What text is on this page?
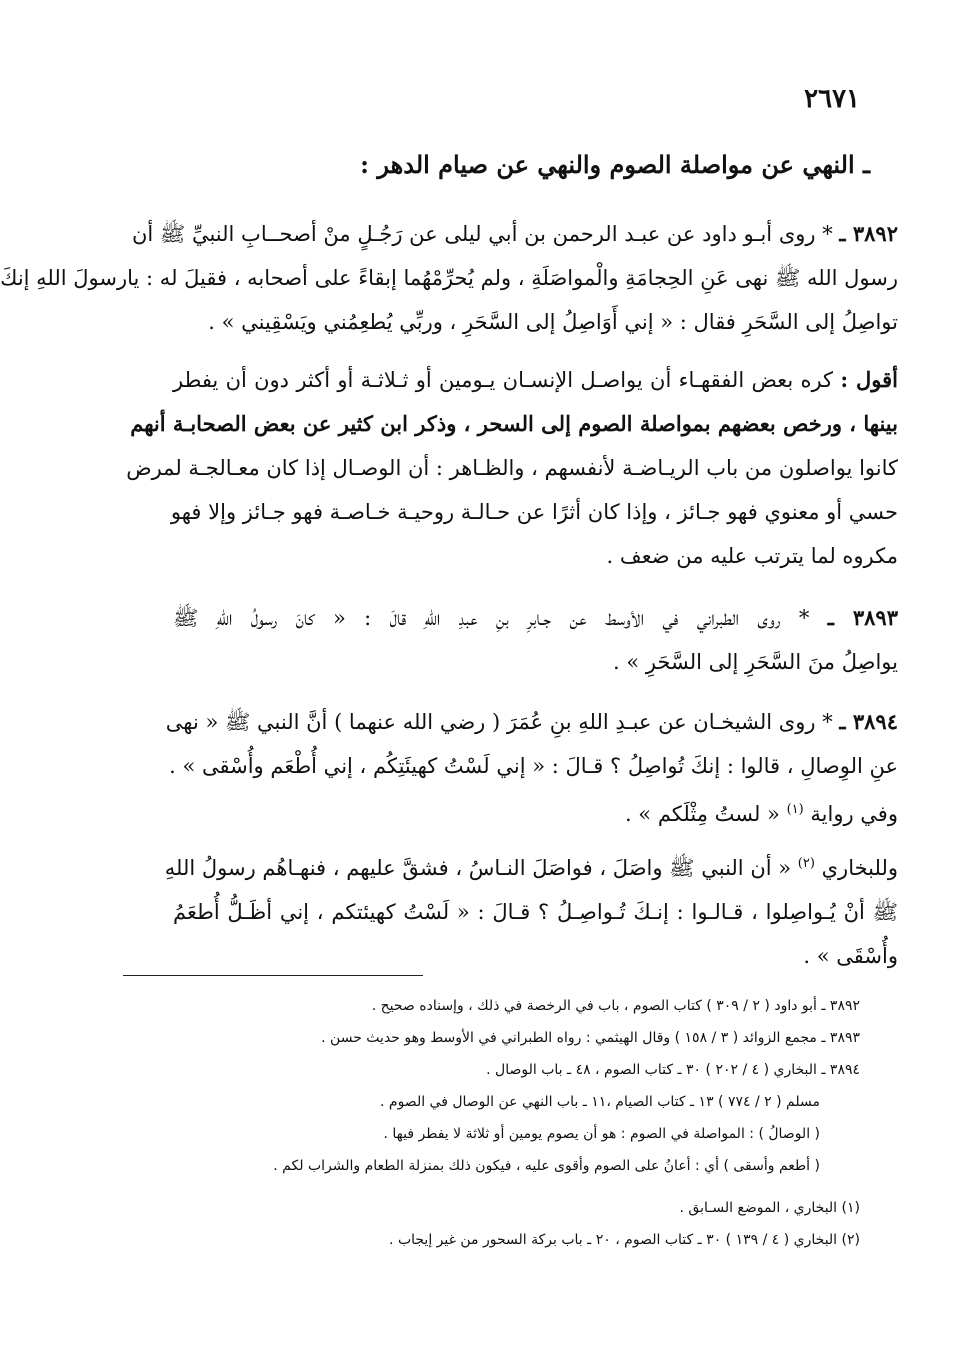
٢٦٧١
ـ النهي عن مواصلة الصوم والنهي عن صيام الدهر :
٣٨٩٢ ـ * روى أبـو داود عن عبـد الرحمن بن أبي ليلى عن رَجُـلٍ منْ أصحــابِ النبيِّ ﷺ أن
رسول الله ﷺ نهى عَنِ الحِجامَةِ والْمواصَلَةِ ، ولم يُحرِّمْهُما إبقاءً على أصحابه ، فقيلَ له : يارسولَ اللهِ إنكَ
تواصِلُ إلى السَّحَرِ فقال : « إني أَوَاصِلُ إلى السَّحَرِ ، وربِّي يُطعِمُني ويَسْقِيني » .
أقول : كره بعض الفقهـاء أن يواصـل الإنسـان يـومين أو ثـلاثـة أو أكثر دون أن يفطر
بينها ، ورخص بعضهم بمواصلة الصوم إلى السحر ، وذكر ابن كثير عن بعض الصحابـة أنهم
كانوا يواصلون من باب الريـاضـة لأنفسهم ، والظـاهر : أن الوصـال إذا كان معـالجـة لمرض
حسي أو معنوي فهو جـائز ، وإذا كان أثرًا عن حـالـة روحيـة خـاصـة فهو جـائز وإلا فهو
مكروه لما يترتب عليه من ضعف .
٣٨٩٣ ـ * روى الطبراني في الأوسط عن جـابرِ بنِ عبدِ اللهِ قالَ : « كانَ رسولُ اللهِ ﷺ
يواصِلُ منَ السَّحَرِ إلى السَّحَرِ » .
٣٨٩٤ ـ * روى الشيخـان عن عبـدِ اللهِ بنِ عُمَرَ ( رضي الله عنهما ) أنَّ النبي ﷺ « نهى
عنِ الوِصالِ ، قالوا : إنكَ تُواصِلُ ؟ قـالَ : « إني لَسْتُ كهيئَتِكُم ، إني أُطْعَم وأُسْقى » .
وفي رواية $^{(١)}$ « لستُ مِثْلَكم » .
وللبخاري $^{(٢)}$ « أن النبي ﷺ واصَلَ ، فواصَلَ النـاسُ ، فشقَّ عليهم ، فنهـاهُم رسولُ اللهِ
ﷺ أنْ يُـواصِلوا ، قـالـوا : إنـكَ تُـواصِـلُ ؟ قـالَ : « لَسْتُ كهيئتكم ، إني أظَـلُّ أُطعَمُ
وأُسْقَى » .
٣٨٩٢ ـ أبو داود ( ٢ / ٣٠٩ ) كتاب الصوم ، باب في الرخصة في ذلك ، وإسناده صحيح .
٣٨٩٣ ـ مجمع الزوائد ( ٣ / ١٥٨ ) وقال الهيثمي : رواه الطبراني في الأوسط وهو حديث حسن .
٣٨٩٤ ـ البخاري ( ٤ / ٢٠٢ ) ٣٠ ـ كتاب الصوم ، ٤٨ ـ باب الوصال .
مسلم ( ٢ / ٧٧٤ ) ١٣ ـ كتاب الصيام ،١١ ـ باب النهي عن الوصال في الصوم .
( الوصالُ ) : المواصلة في الصوم : هو أن يصوم يومين أو ثلاثة لا يفطر فيها .
( أطعم وأسقى ) أي : أعانُ على الصوم وأقوى عليه ، فيكون ذلك بمنزلة الطعام والشراب لكم .
(١) البخاري ، الموضع السـابق .
(٢) البخاري ( ٤ / ١٣٩ ) ٣٠ ـ كتاب الصوم ، ٢٠ ـ باب بركة السحور من غير إيجاب .
